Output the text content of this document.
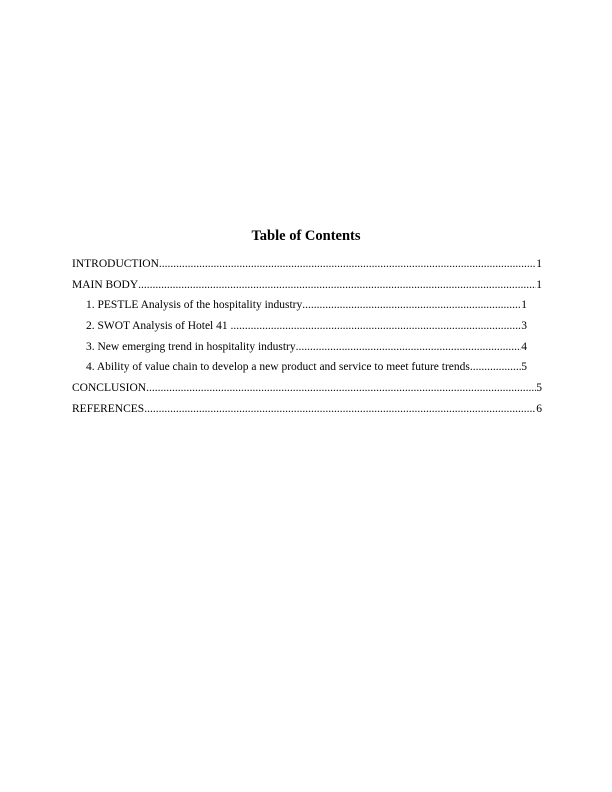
Table of Contents
INTRODUCTION .....	1
MAIN BODY .....	1
1. PESTLE Analysis of the hospitality industry .....	1
2. SWOT Analysis of Hotel 41 .....	3
3. New emerging trend in hospitality industry .....	4
4. Ability of value chain to develop a new product and service to meet future trends .....	5
CONCLUSION .....	5
REFERENCES .....	6
